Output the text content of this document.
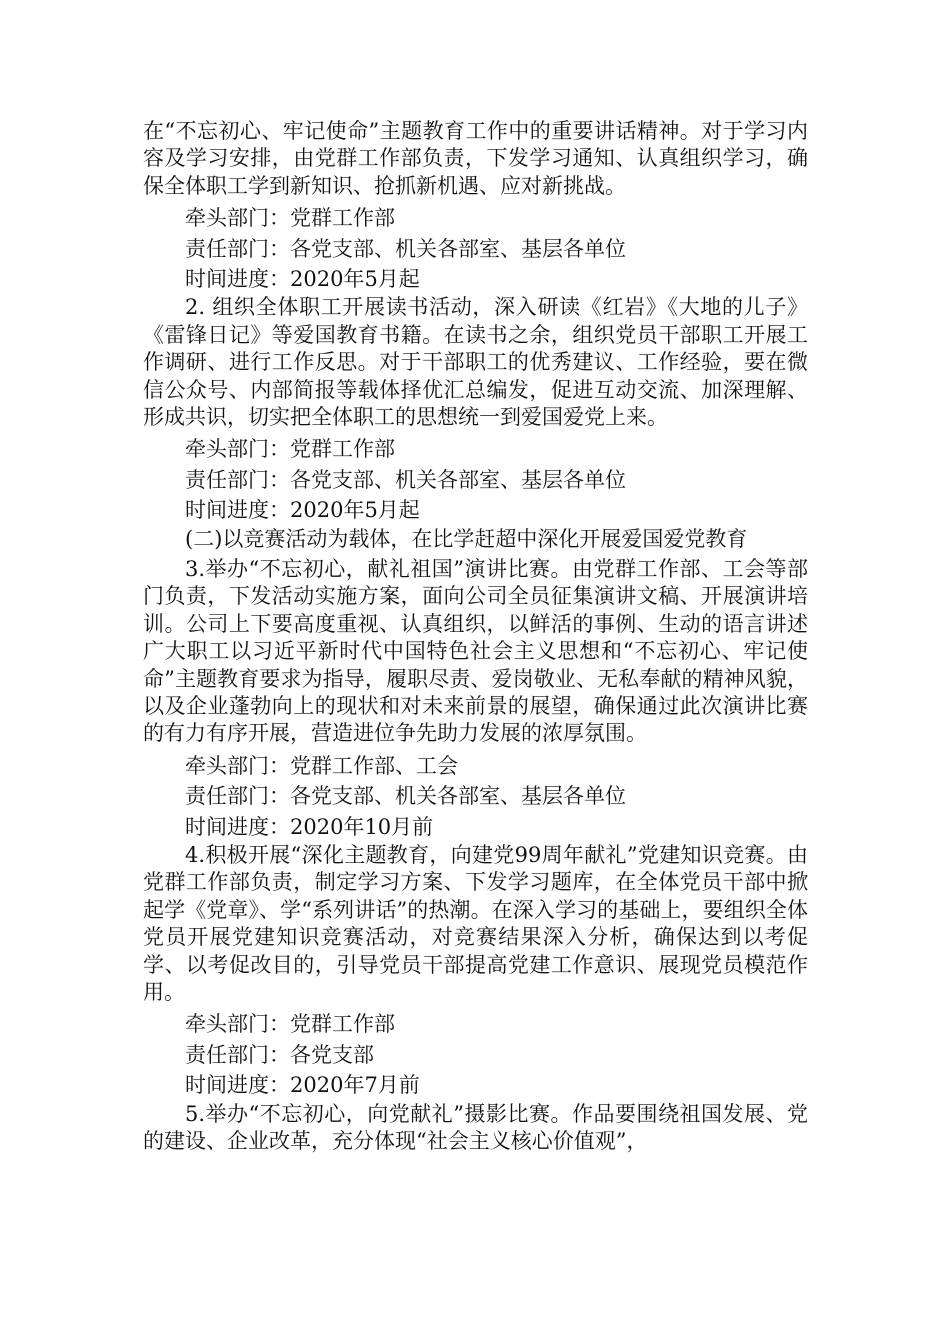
在“不忘初心、牢记使命”主题教育工作中的重要讲话精神。对于学习内容及学习安排，由党群工作部负责，下发学习通知、认真组织学习，确保全体职工学到新知识、抢抓新机遇、应对新挑战。

牵头部门：党群工作部

责任部门：各党支部、机关各部室、基层各单位

时间进度：2020年5月起

2. 组织全体职工开展读书活动，深入研读《红岩》《大地的儿子》《雷锋日记》等爱国教育书籍。在读书之余，组织党员干部职工开展工作调研、进行工作反思。对于干部职工的优秀建议、工作经验，要在微信公众号、内部简报等载体择优汇总编发，促进互动交流、加深理解、形成共识，切实把全体职工的思想统一到爱国爱党上来。

牵头部门：党群工作部

责任部门：各党支部、机关各部室、基层各单位

时间进度：2020年5月起

(二)以竞赛活动为载体，在比学赶超中深化开展爱国爱党教育

3.举办“不忘初心，献礼祖国”演讲比赛。由党群工作部、工会等部门负责，下发活动实施方案，面向公司全员征集演讲文稿、开展演讲培训。公司上下要高度重视、认真组织，以鲜活的事例、生动的语言讲述广大职工以习近平新时代中国特色社会主义思想和“不忘初心、牢记使命”主题教育要求为指导，履职尽责、爱岗敬业、无私奉献的精神风貌，以及企业蓬勃向上的现状和对未来前景的展望，确保通过此次演讲比赛的有力有序开展，营造进位争先助力发展的浓厚氛围。

牵头部门：党群工作部、工会

责任部门：各党支部、机关各部室、基层各单位

时间进度：2020年10月前

4.积极开展“深化主题教育，向建党99周年献礼”党建知识竞赛。由党群工作部负责，制定学习方案、下发学习题库，在全体党员干部中掀起学《党章》、学“系列讲话”的热潮。在深入学习的基础上，要组织全体党员开展党建知识竞赛活动，对竞赛结果深入分析，确保达到以考促学、以考促改目的，引导党员干部提高党建工作意识、展现党员模范作用。

牵头部门：党群工作部

责任部门：各党支部

时间进度：2020年7月前

5.举办“不忘初心，向党献礼”摄影比赛。作品要围绕祖国发展、党的建设、企业改革，充分体现“社会主义核心价值观”，
